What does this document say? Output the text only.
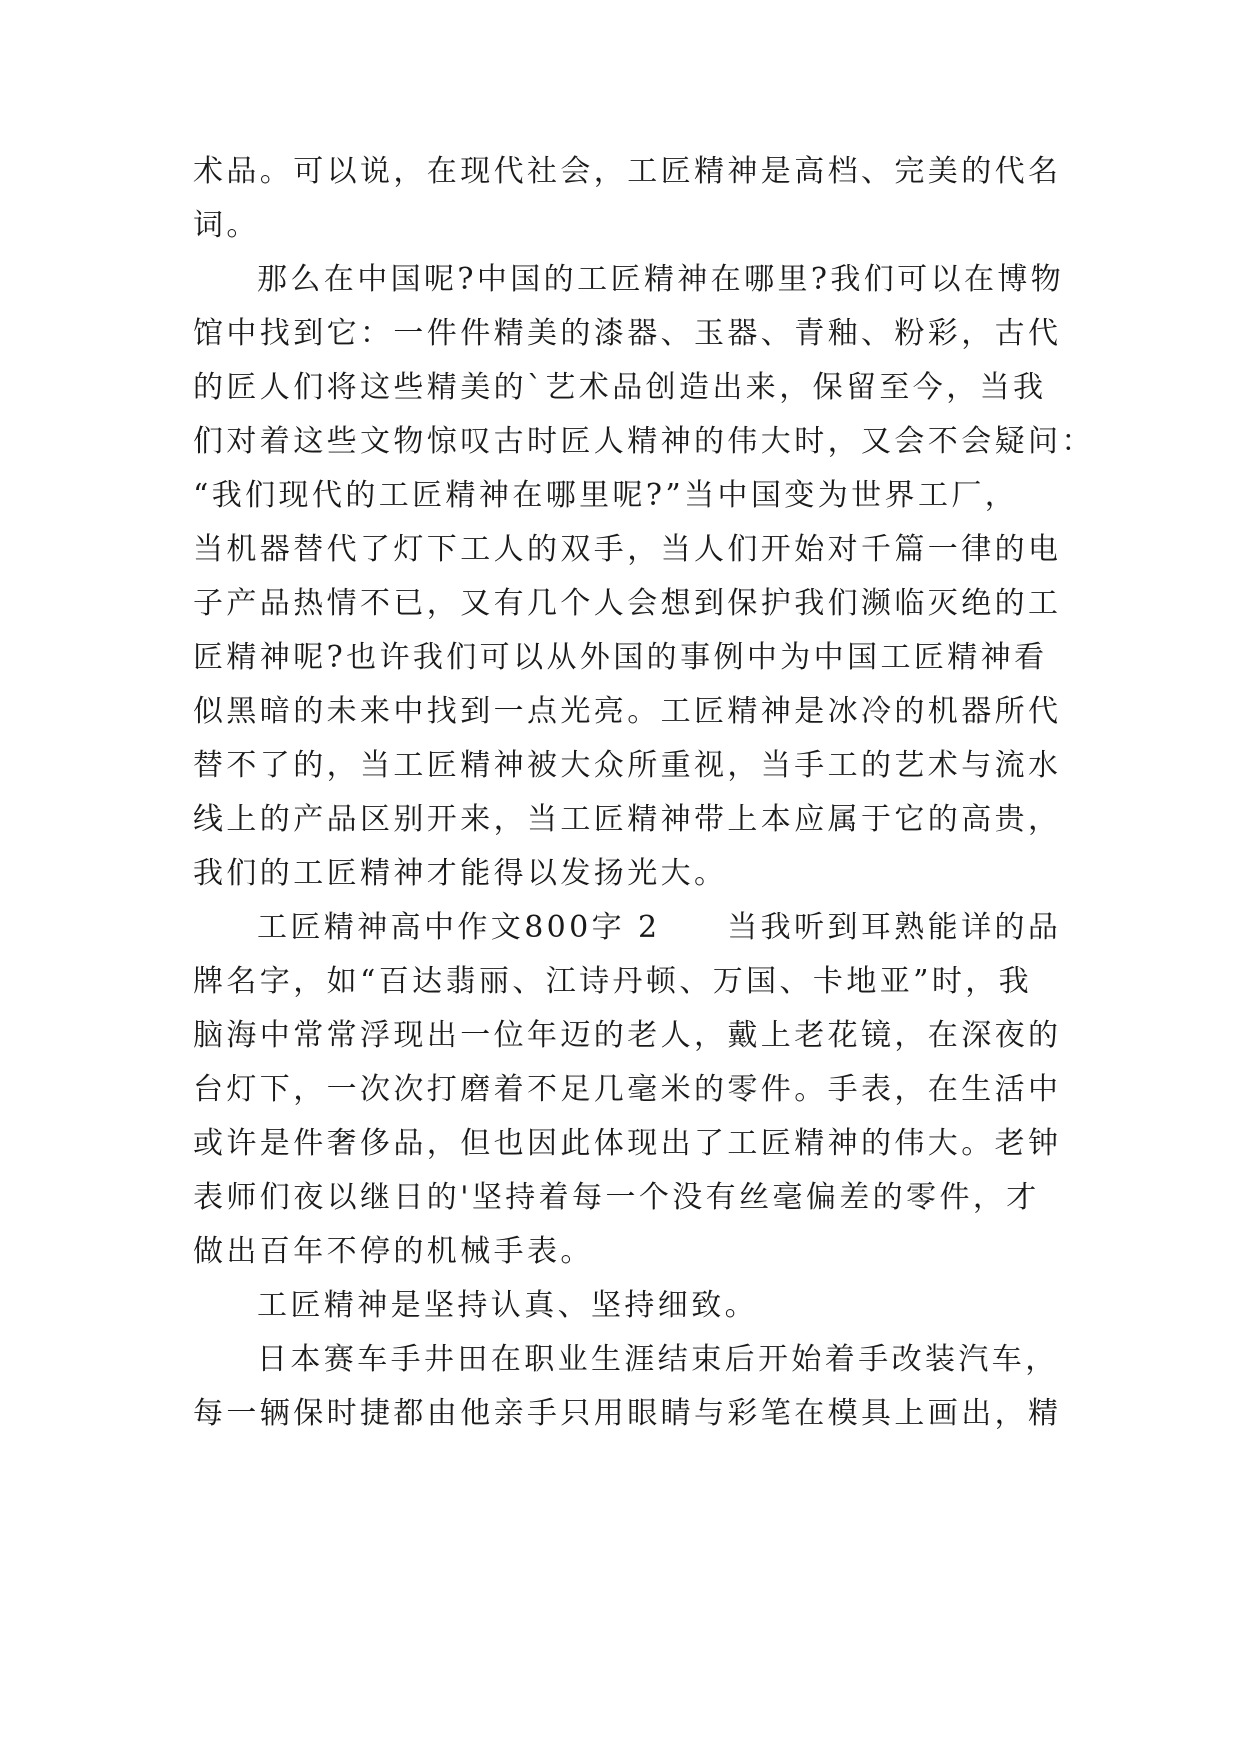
术品。可以说，在现代社会，工匠精神是高档、完美的代名
词。
那么在中国呢?中国的工匠精神在哪里?我们可以在博物
馆中找到它：一件件精美的漆器、玉器、青釉、粉彩，古代
的匠人们将这些精美的`艺术品创造出来，保留至今，当我
们对着这些文物惊叹古时匠人精神的伟大时，又会不会疑问：
“我们现代的工匠精神在哪里呢?”当中国变为世界工厂，
当机器替代了灯下工人的双手，当人们开始对千篇一律的电
子产品热情不已，又有几个人会想到保护我们濒临灭绝的工
匠精神呢?也许我们可以从外国的事例中为中国工匠精神看
似黑暗的未来中找到一点光亮。工匠精神是冰冷的机器所代
替不了的，当工匠精神被大众所重视，当手工的艺术与流水
线上的产品区别开来，当工匠精神带上本应属于它的高贵，
我们的工匠精神才能得以发扬光大。
工匠精神高中作文800字 2　　当我听到耳熟能详的品
牌名字，如“百达翡丽、江诗丹顿、万国、卡地亚”时，我
脑海中常常浮现出一位年迈的老人，戴上老花镜，在深夜的
台灯下，一次次打磨着不足几毫米的零件。手表，在生活中
或许是件奢侈品，但也因此体现出了工匠精神的伟大。老钟
表师们夜以继日的'坚持着每一个没有丝毫偏差的零件，才
做出百年不停的机械手表。
工匠精神是坚持认真、坚持细致。
日本赛车手井田在职业生涯结束后开始着手改装汽车，
每一辆保时捷都由他亲手只用眼睛与彩笔在模具上画出，精
